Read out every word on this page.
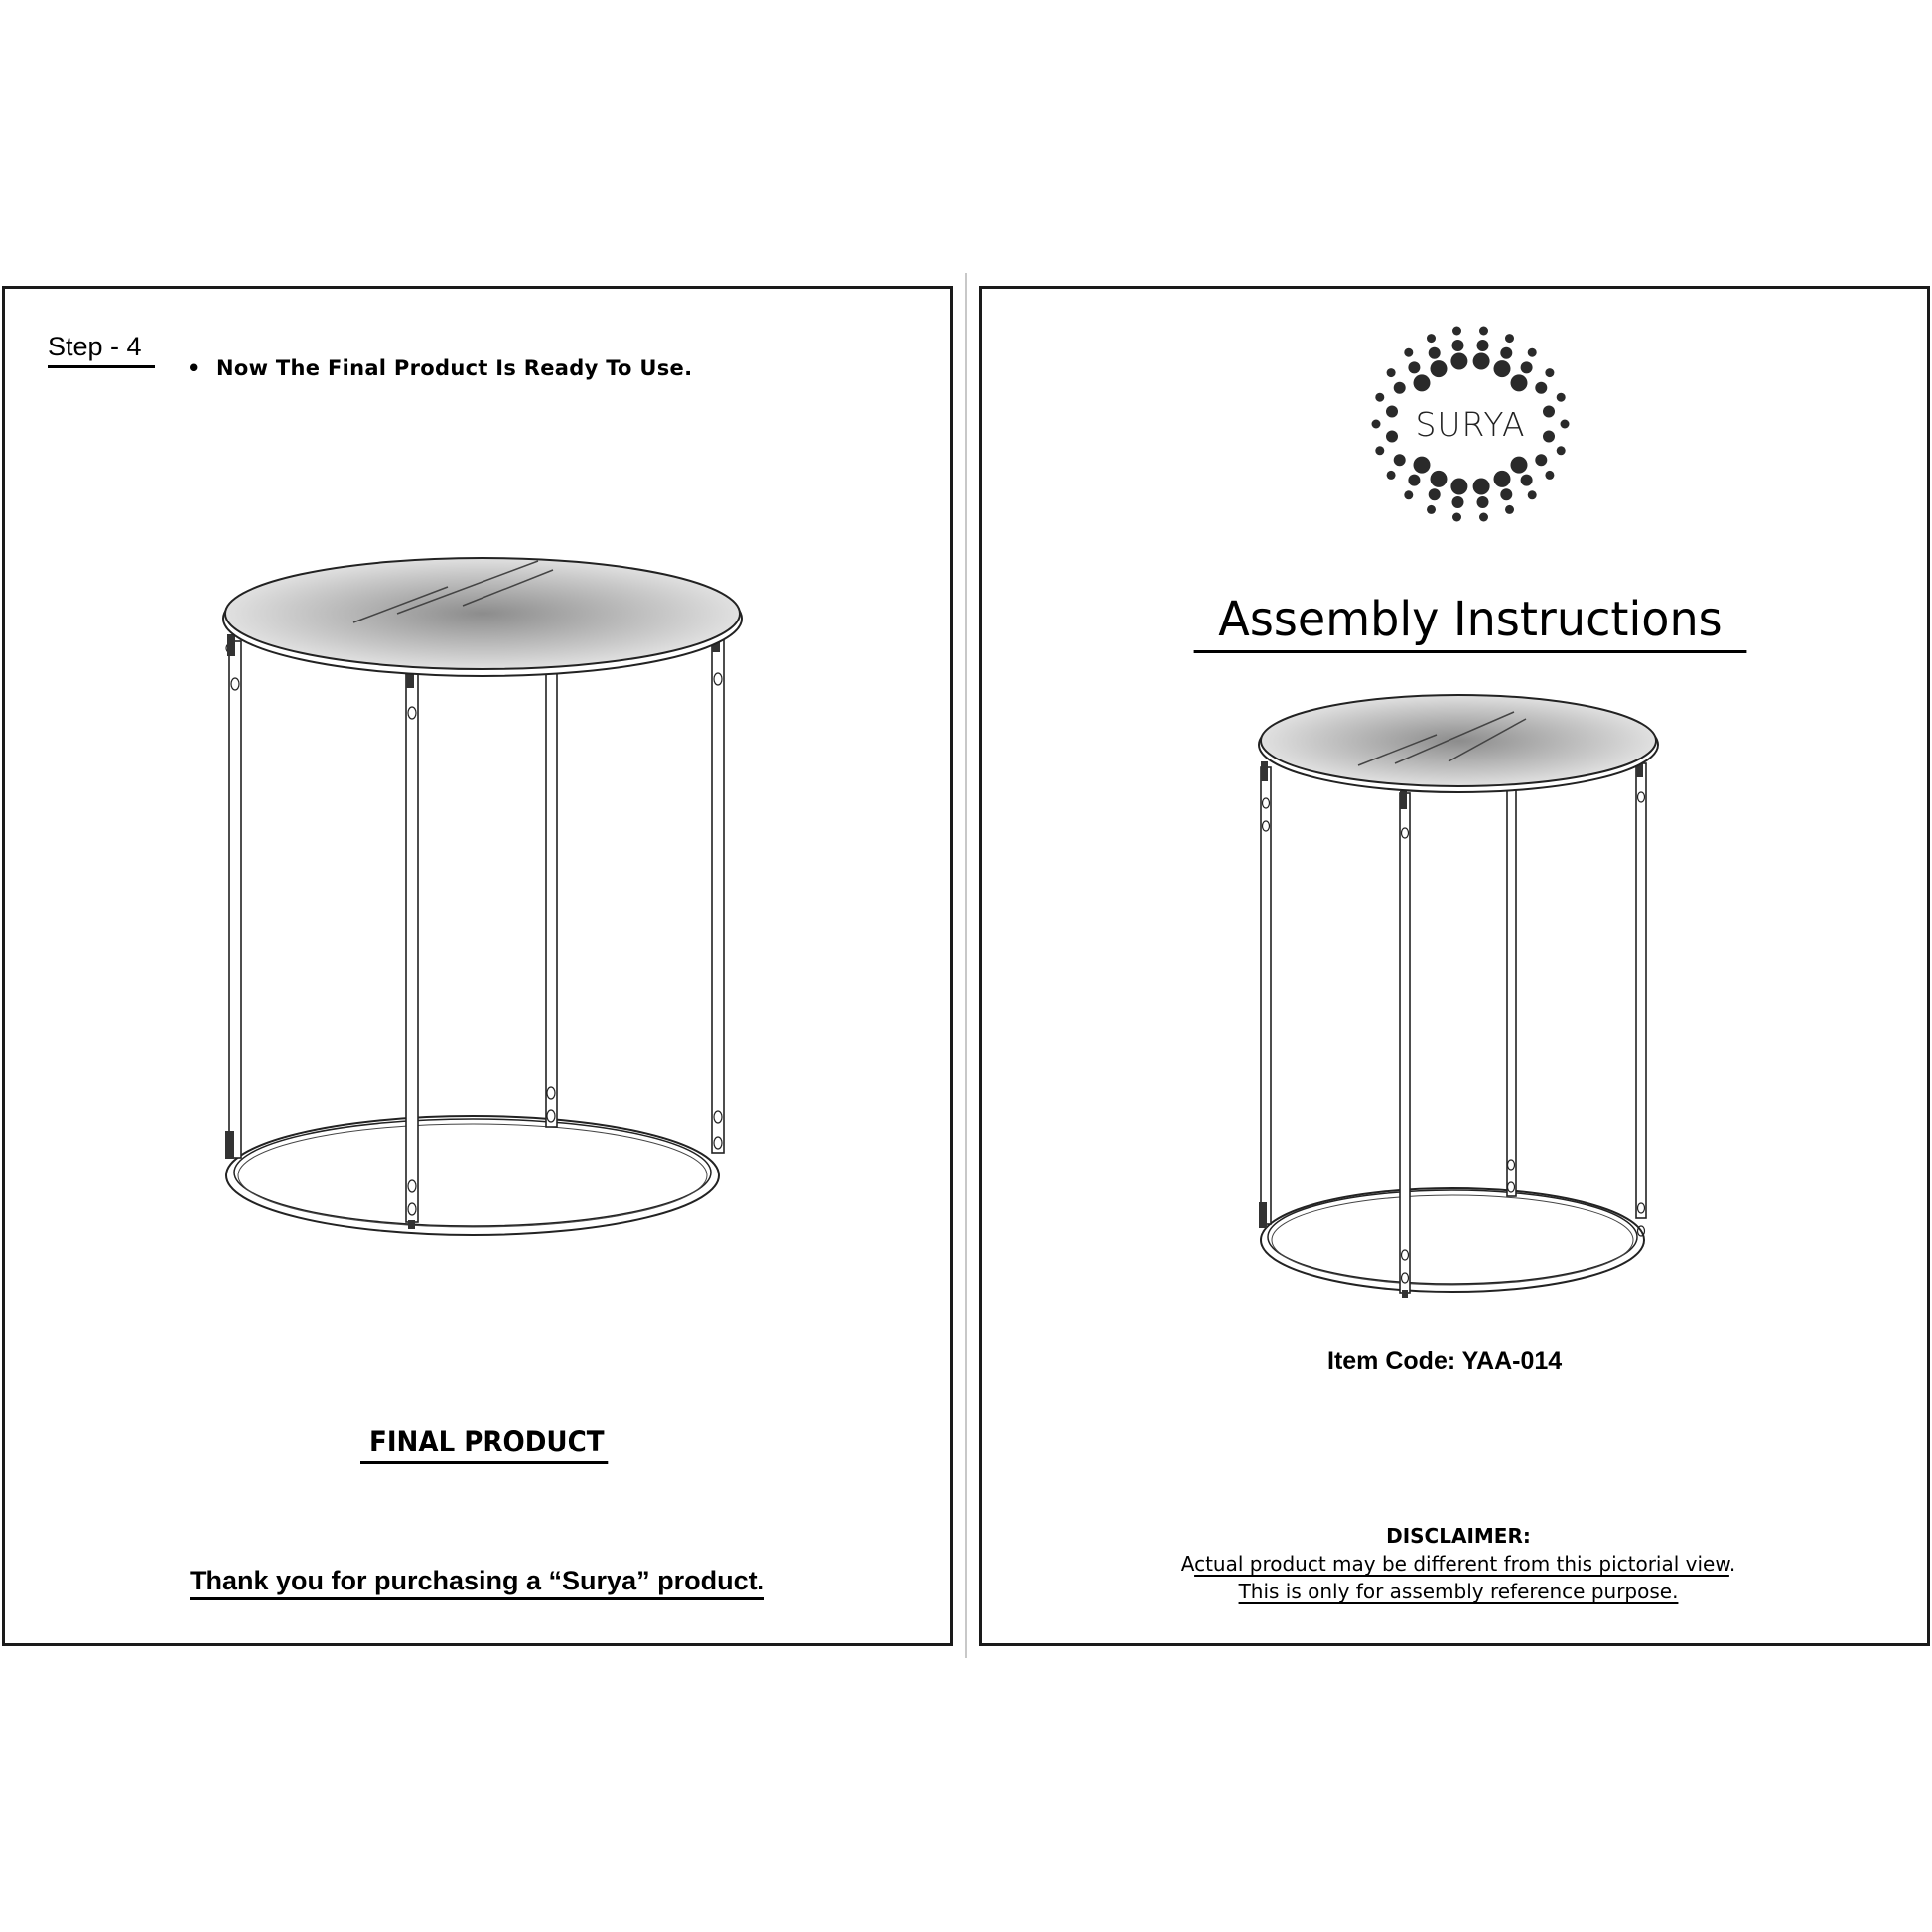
Step - 4
• Now The Final Product Is Ready To Use.
FINAL PRODUCT
Thank you for purchasing a “Surya” product.
SURYA
Assembly Instructions
Item Code: YAA-014
DISCLAIMER:
Actual product may be different from this pictorial view.
This is only for assembly reference purpose.
